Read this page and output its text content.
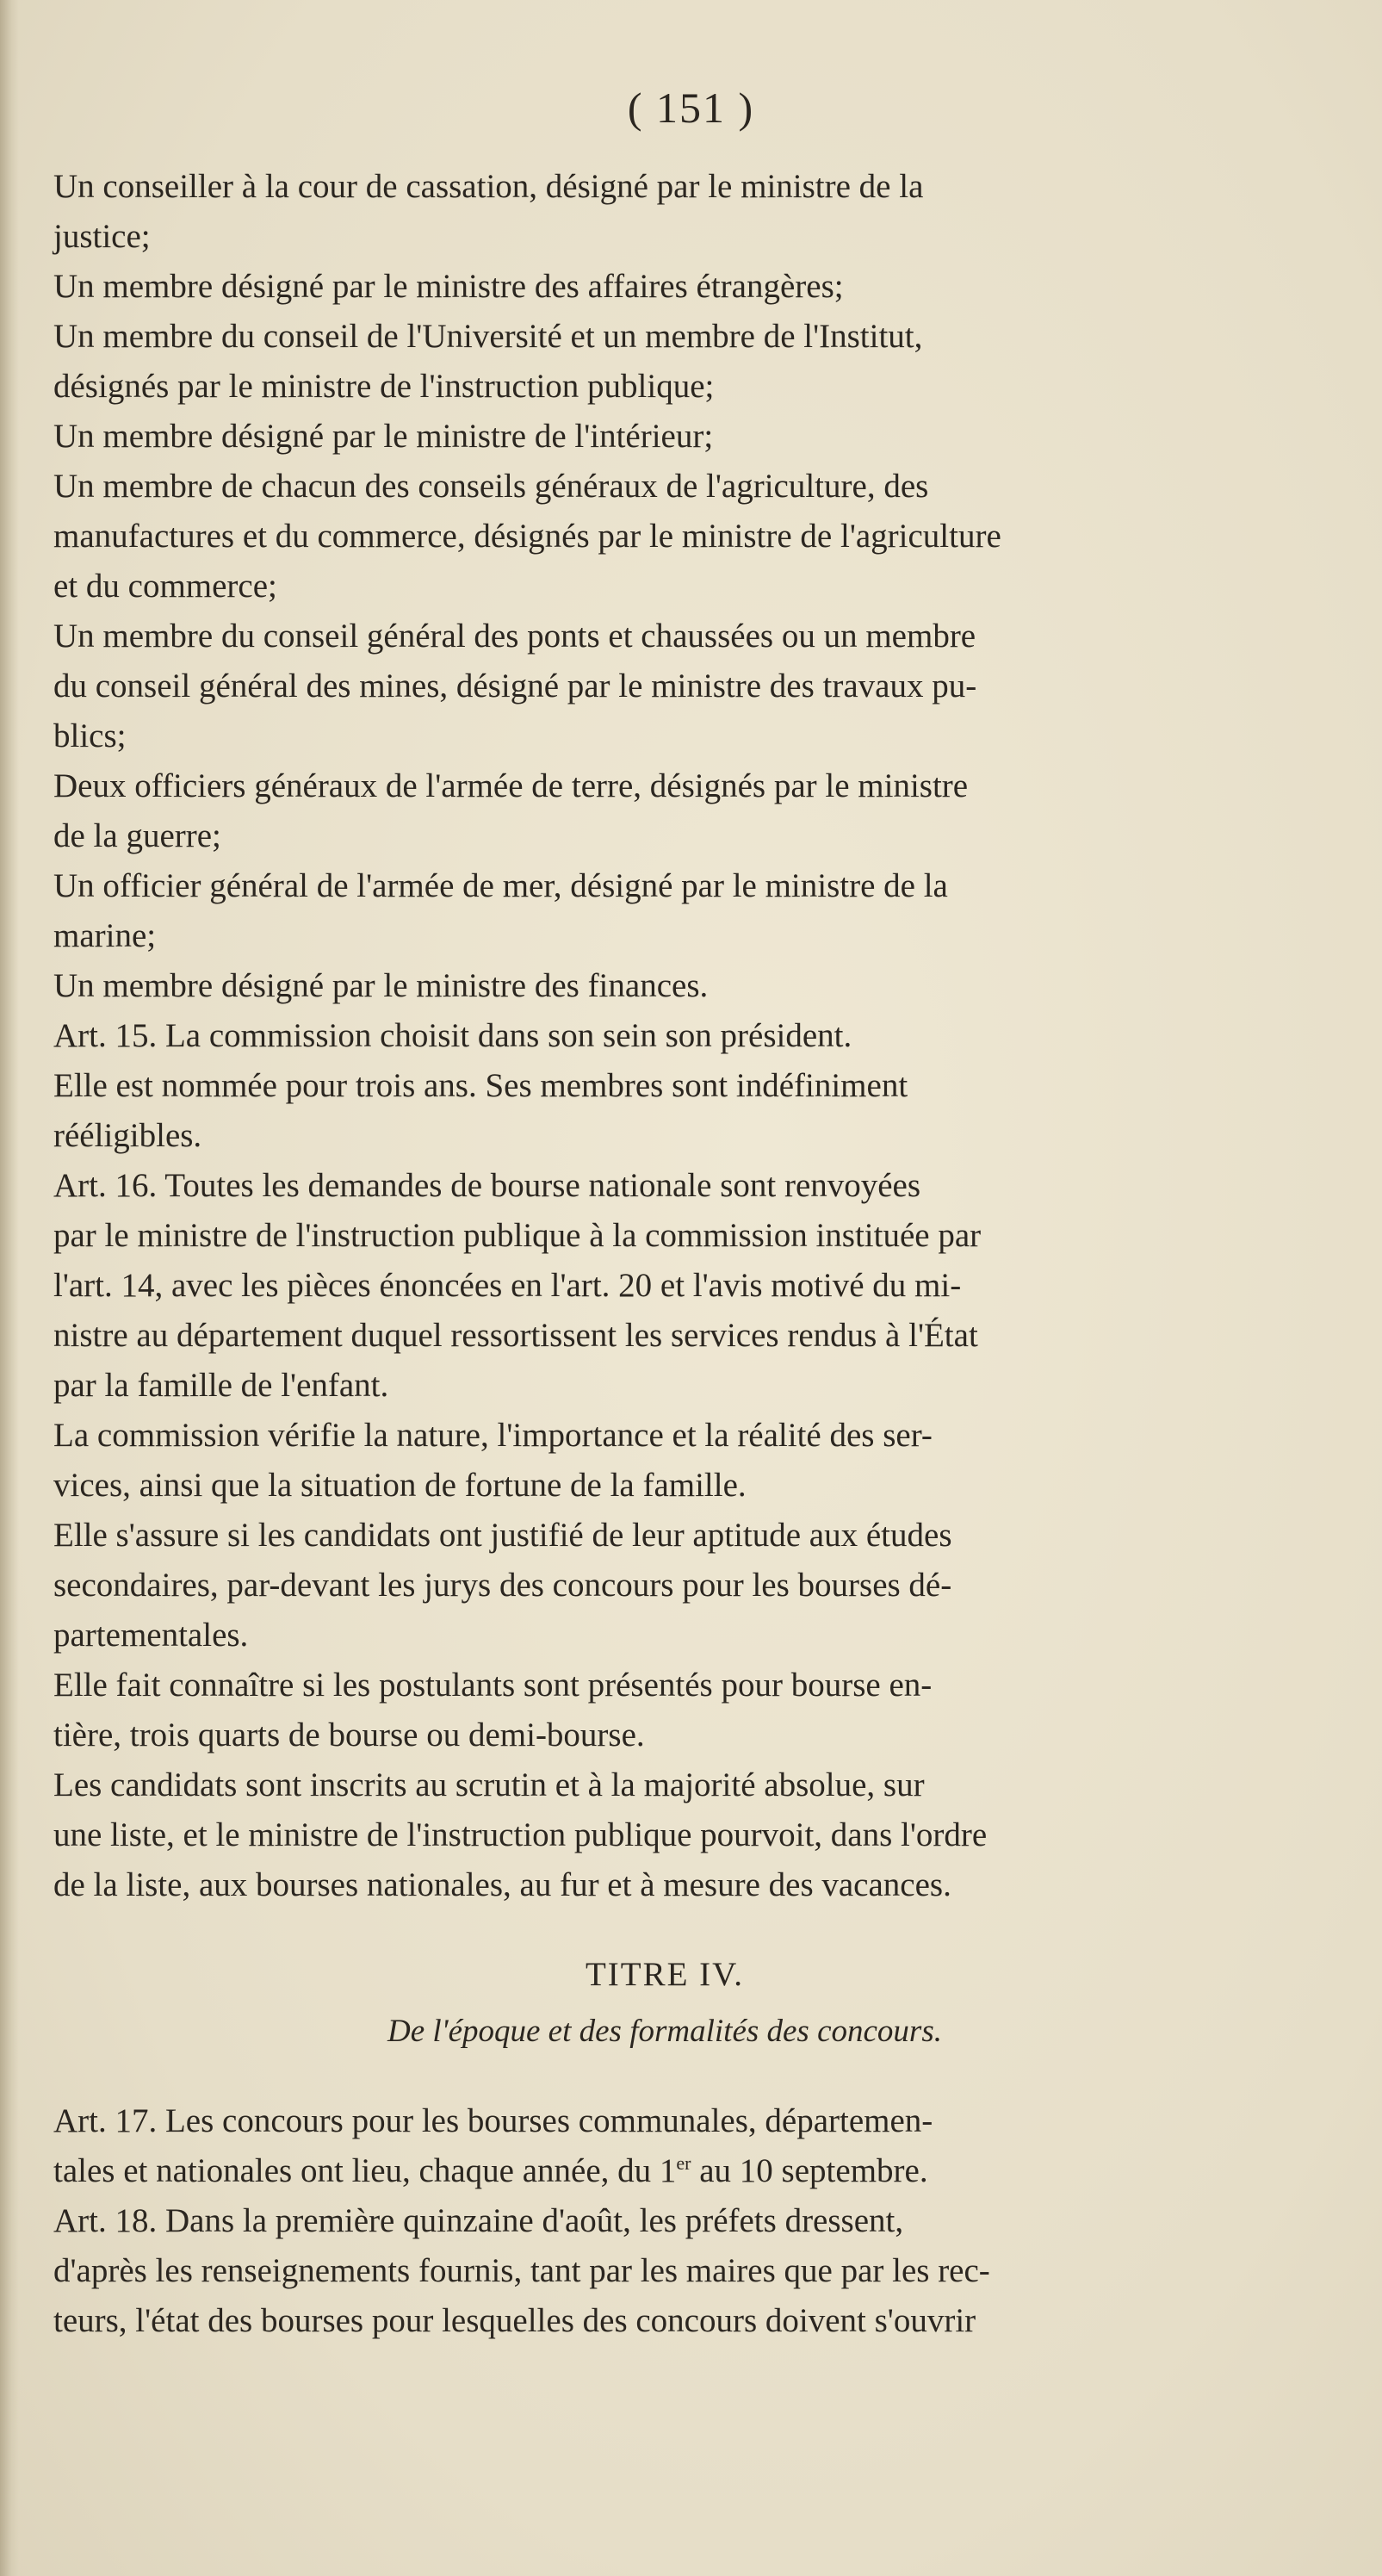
( 151 )

Un conseiller à la cour de cassation, désigné par le ministre de la
justice;

Un membre désigné par le ministre des affaires étrangères;

Un membre du conseil de l'Université et un membre de l'Institut,
désignés par le ministre de l'instruction publique;

Un membre désigné par le ministre de l'intérieur;

Un membre de chacun des conseils généraux de l'agriculture, des
manufactures et du commerce, désignés par le ministre de l'agriculture
et du commerce;

Un membre du conseil général des ponts et chaussées ou un membre
du conseil général des mines, désigné par le ministre des travaux pu-
blics;

Deux officiers généraux de l'armée de terre, désignés par le ministre
de la guerre;

Un officier général de l'armée de mer, désigné par le ministre de la
marine;

Un membre désigné par le ministre des finances.

Art. 15. La commission choisit dans son sein son président.

Elle est nommée pour trois ans. Ses membres sont indéfiniment
rééligibles.

Art. 16. Toutes les demandes de bourse nationale sont renvoyées
par le ministre de l'instruction publique à la commission instituée par
l'art. 14, avec les pièces énoncées en l'art. 20 et l'avis motivé du mi-
nistre au département duquel ressortissent les services rendus à l'État
par la famille de l'enfant.

La commission vérifie la nature, l'importance et la réalité des ser-
vices, ainsi que la situation de fortune de la famille.

Elle s'assure si les candidats ont justifié de leur aptitude aux études
secondaires, par-devant les jurys des concours pour les bourses dé-
partementales.

Elle fait connaître si les postulants sont présentés pour bourse en-
tière, trois quarts de bourse ou demi-bourse.

Les candidats sont inscrits au scrutin et à la majorité absolue, sur
une liste, et le ministre de l'instruction publique pourvoit, dans l'ordre
de la liste, aux bourses nationales, au fur et à mesure des vacances.

TITRE IV.
De l'époque et des formalités des concours.

Art. 17. Les concours pour les bourses communales, départemen-
tales et nationales ont lieu, chaque année, du 1er au 10 septembre.

Art. 18. Dans la première quinzaine d'août, les préfets dressent,
d'après les renseignements fournis, tant par les maires que par les rec-
teurs, l'état des bourses pour lesquelles des concours doivent s'ouvrir
